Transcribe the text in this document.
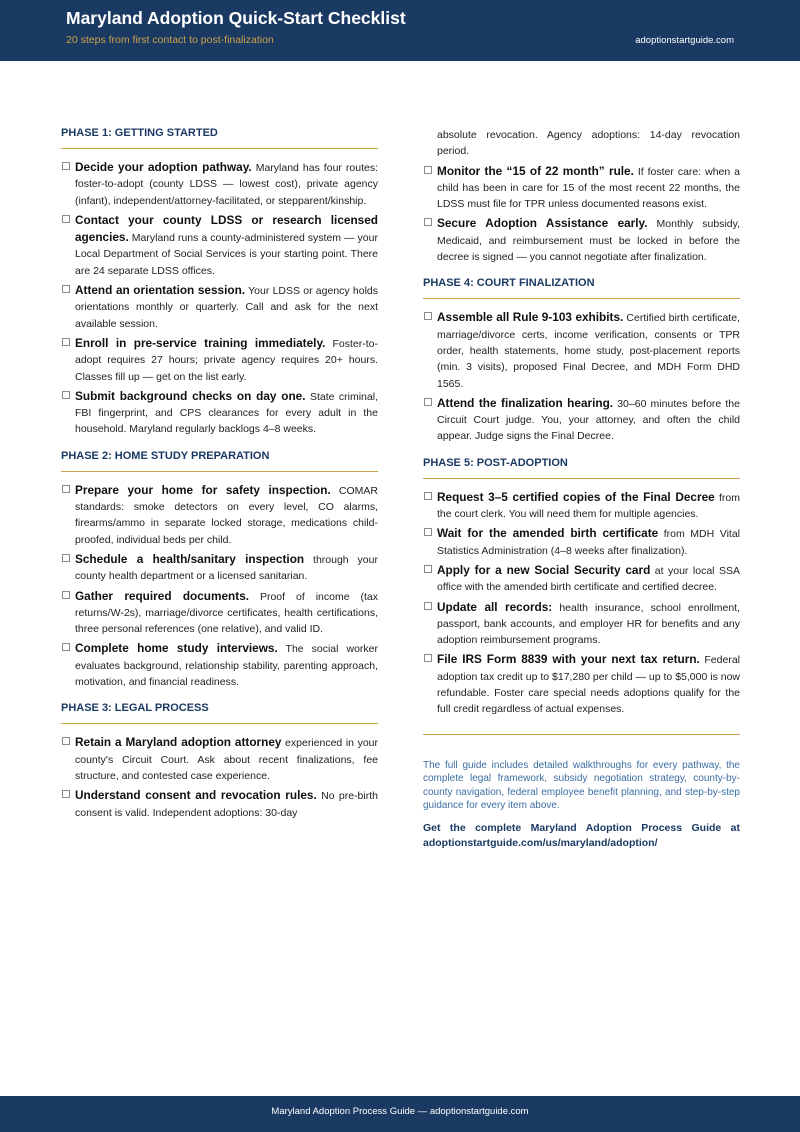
Maryland Adoption Quick-Start Checklist
20 steps from first contact to post-finalization	adoptionstartguide.com
PHASE 1: GETTING STARTED
Decide your adoption pathway. Maryland has four routes: foster-to-adopt (county LDSS — lowest cost), private agency (infant), independent/attorney-facilitated, or stepparent/kinship.
Contact your county LDSS or research licensed agencies. Maryland runs a county-administered system — your Local Department of Social Services is your starting point. There are 24 separate LDSS offices.
Attend an orientation session. Your LDSS or agency holds orientations monthly or quarterly. Call and ask for the next available session.
Enroll in pre-service training immediately. Foster-to-adopt requires 27 hours; private agency requires 20+ hours. Classes fill up — get on the list early.
Submit background checks on day one. State criminal, FBI fingerprint, and CPS clearances for every adult in the household. Maryland regularly backlogs 4–8 weeks.
PHASE 2: HOME STUDY PREPARATION
Prepare your home for safety inspection. COMAR standards: smoke detectors on every level, CO alarms, firearms/ammo in separate locked storage, medications child-proofed, individual beds per child.
Schedule a health/sanitary inspection through your county health department or a licensed sanitarian.
Gather required documents. Proof of income (tax returns/W-2s), marriage/divorce certificates, health certifications, three personal references (one relative), and valid ID.
Complete home study interviews. The social worker evaluates background, relationship stability, parenting approach, motivation, and financial readiness.
PHASE 3: LEGAL PROCESS
Retain a Maryland adoption attorney experienced in your county's Circuit Court. Ask about recent finalizations, fee structure, and contested case experience.
Understand consent and revocation rules. No pre-birth consent is valid. Independent adoptions: 30-day
absolute revocation. Agency adoptions: 14-day revocation period.
Monitor the “15 of 22 month” rule. If foster care: when a child has been in care for 15 of the most recent 22 months, the LDSS must file for TPR unless documented reasons exist.
Secure Adoption Assistance early. Monthly subsidy, Medicaid, and reimbursement must be locked in before the decree is signed — you cannot negotiate after finalization.
PHASE 4: COURT FINALIZATION
Assemble all Rule 9-103 exhibits. Certified birth certificate, marriage/divorce certs, income verification, consents or TPR order, health statements, home study, post-placement reports (min. 3 visits), proposed Final Decree, and MDH Form DHD 1565.
Attend the finalization hearing. 30–60 minutes before the Circuit Court judge. You, your attorney, and often the child appear. Judge signs the Final Decree.
PHASE 5: POST-ADOPTION
Request 3–5 certified copies of the Final Decree from the court clerk. You will need them for multiple agencies.
Wait for the amended birth certificate from MDH Vital Statistics Administration (4–8 weeks after finalization).
Apply for a new Social Security card at your local SSA office with the amended birth certificate and certified decree.
Update all records: health insurance, school enrollment, passport, bank accounts, and employer HR for benefits and any adoption reimbursement programs.
File IRS Form 8839 with your next tax return. Federal adoption tax credit up to $17,280 per child — up to $5,000 is now refundable. Foster care special needs adoptions qualify for the full credit regardless of actual expenses.
The full guide includes detailed walkthroughs for every pathway, the complete legal framework, subsidy negotiation strategy, county-by-county navigation, federal employee benefit planning, and step-by-step guidance for every item above.
Get the complete Maryland Adoption Process Guide at adoptionstartguide.com/us/maryland/adoption/
Maryland Adoption Process Guide — adoptionstartguide.com
